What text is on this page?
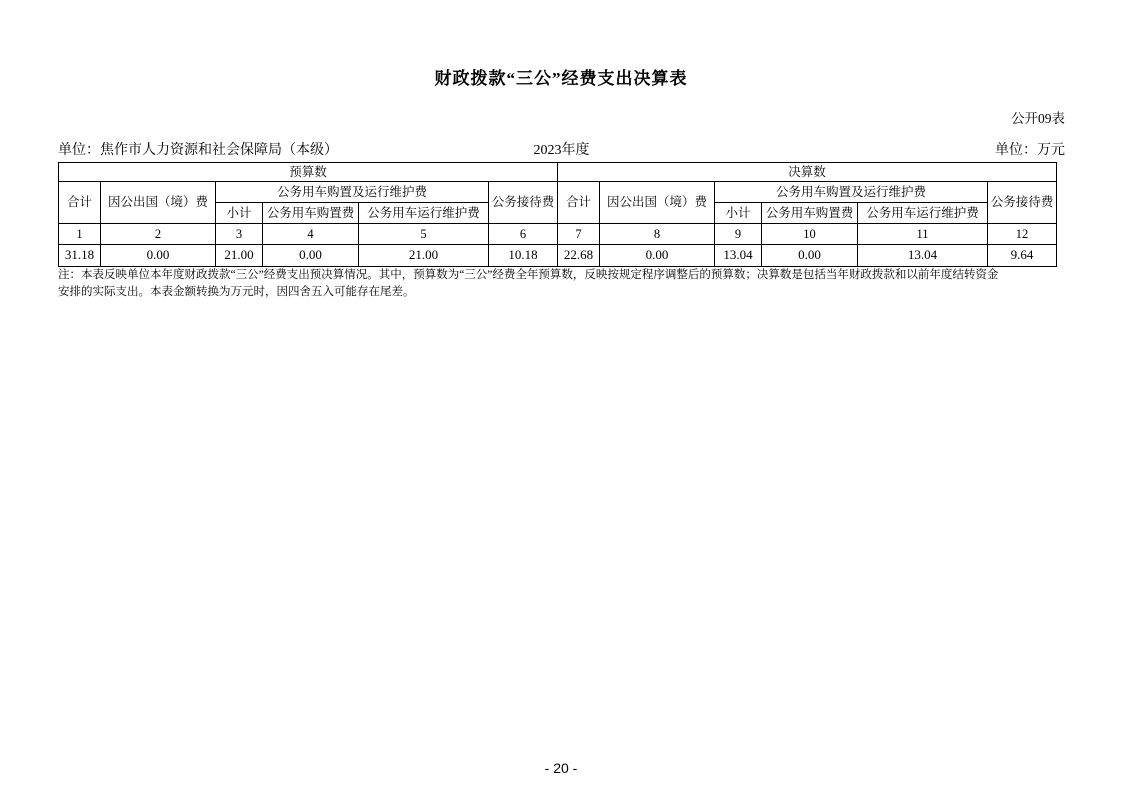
财政拨款“三公”经费支出决算表
公开09表
单位：焦作市人力资源和社会保障局（本级）	2023年度	单位：万元
预算数						决算数					
合计	因公出国（境）费	公务用车购置及运行维护费			公务接待费	合计	因公出国（境）费	公务用车购置及运行维护费			公务接待费
		小计	公务用车购置费	公务用车运行维护费				小计	公务用车购置费	公务用车运行维护费	
1	2	3	4	5	6	7	8	9	10	11	12
31.18	0.00	21.00	0.00	21.00	10.18	22.68	0.00	13.04	0.00	13.04	9.64
注：本表反映单位本年度财政拨款“三公”经费支出预决算情况。其中，预算数为“三公”经费全年预算数，反映按规定程序调整后的预算数；决算数是包括当年财政拨款和以前年度结转资金
安排的实际支出。本表金额转换为万元时，因四舍五入可能存在尾差。
- 20 -
